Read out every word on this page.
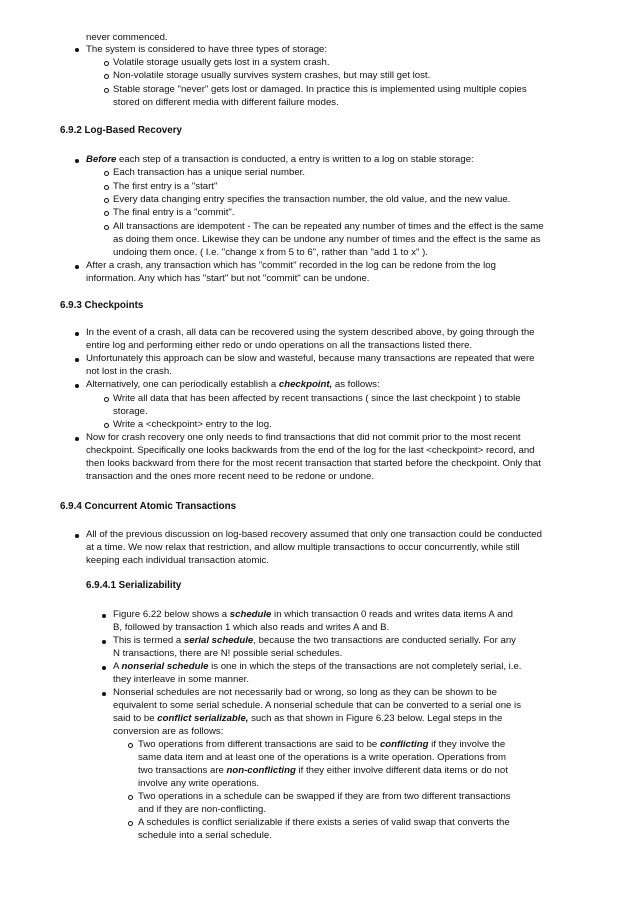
never commenced.
The system is considered to have three types of storage:
Volatile storage usually gets lost in a system crash.
Non-volatile storage usually survives system crashes, but may still get lost.
Stable storage "never" gets lost or damaged. In practice this is implemented using multiple copies
stored on different media with different failure modes.
6.9.2 Log-Based Recovery
Before each step of a transaction is conducted, a entry is written to a log on stable storage:
Each transaction has a unique serial number.
The first entry is a "start"
Every data changing entry specifies the transaction number, the old value, and the new value.
The final entry is a "commit".
All transactions are idempotent - The can be repeated any number of times and the effect is the same
as doing them once. Likewise they can be undone any number of times and the effect is the same as
undoing them once. ( I.e. "change x from 5 to 6", rather than "add 1 to x" ).
After a crash, any transaction which has "commit" recorded in the log can be redone from the log
information. Any which has "start" but not "commit" can be undone.
6.9.3 Checkpoints
In the event of a crash, all data can be recovered using the system described above, by going through the
entire log and performing either redo or undo operations on all the transactions listed there.
Unfortunately this approach can be slow and wasteful, because many transactions are repeated that were
not lost in the crash.
Alternatively, one can periodically establish a checkpoint, as follows:
Write all data that has been affected by recent transactions ( since the last checkpoint ) to stable
storage.
Write a <checkpoint> entry to the log.
Now for crash recovery one only needs to find transactions that did not commit prior to the most recent
checkpoint. Specifically one looks backwards from the end of the log for the last <checkpoint> record, and
then looks backward from there for the most recent transaction that started before the checkpoint. Only that
transaction and the ones more recent need to be redone or undone.
6.9.4 Concurrent Atomic Transactions
All of the previous discussion on log-based recovery assumed that only one transaction could be conducted
at a time. We now relax that restriction, and allow multiple transactions to occur concurrently, while still
keeping each individual transaction atomic.
6.9.4.1 Serializability
Figure 6.22 below shows a schedule in which transaction 0 reads and writes data items A and
B, followed by transaction 1 which also reads and writes A and B.
This is termed a serial schedule, because the two transactions are conducted serially. For any
N transactions, there are N! possible serial schedules.
A nonserial schedule is one in which the steps of the transactions are not completely serial, i.e.
they interleave in some manner.
Nonserial schedules are not necessarily bad or wrong, so long as they can be shown to be
equivalent to some serial schedule. A nonserial schedule that can be converted to a serial one is
said to be conflict serializable, such as that shown in Figure 6.23 below. Legal steps in the
conversion are as follows:
Two operations from different transactions are said to be conflicting if they involve the
same data item and at least one of the operations is a write operation. Operations from
two transactions are non-conflicting if they either involve different data items or do not
involve any write operations.
Two operations in a schedule can be swapped if they are from two different transactions
and if they are non-conflicting.
A schedules is conflict serializable if there exists a series of valid swap that converts the
schedule into a serial schedule.
